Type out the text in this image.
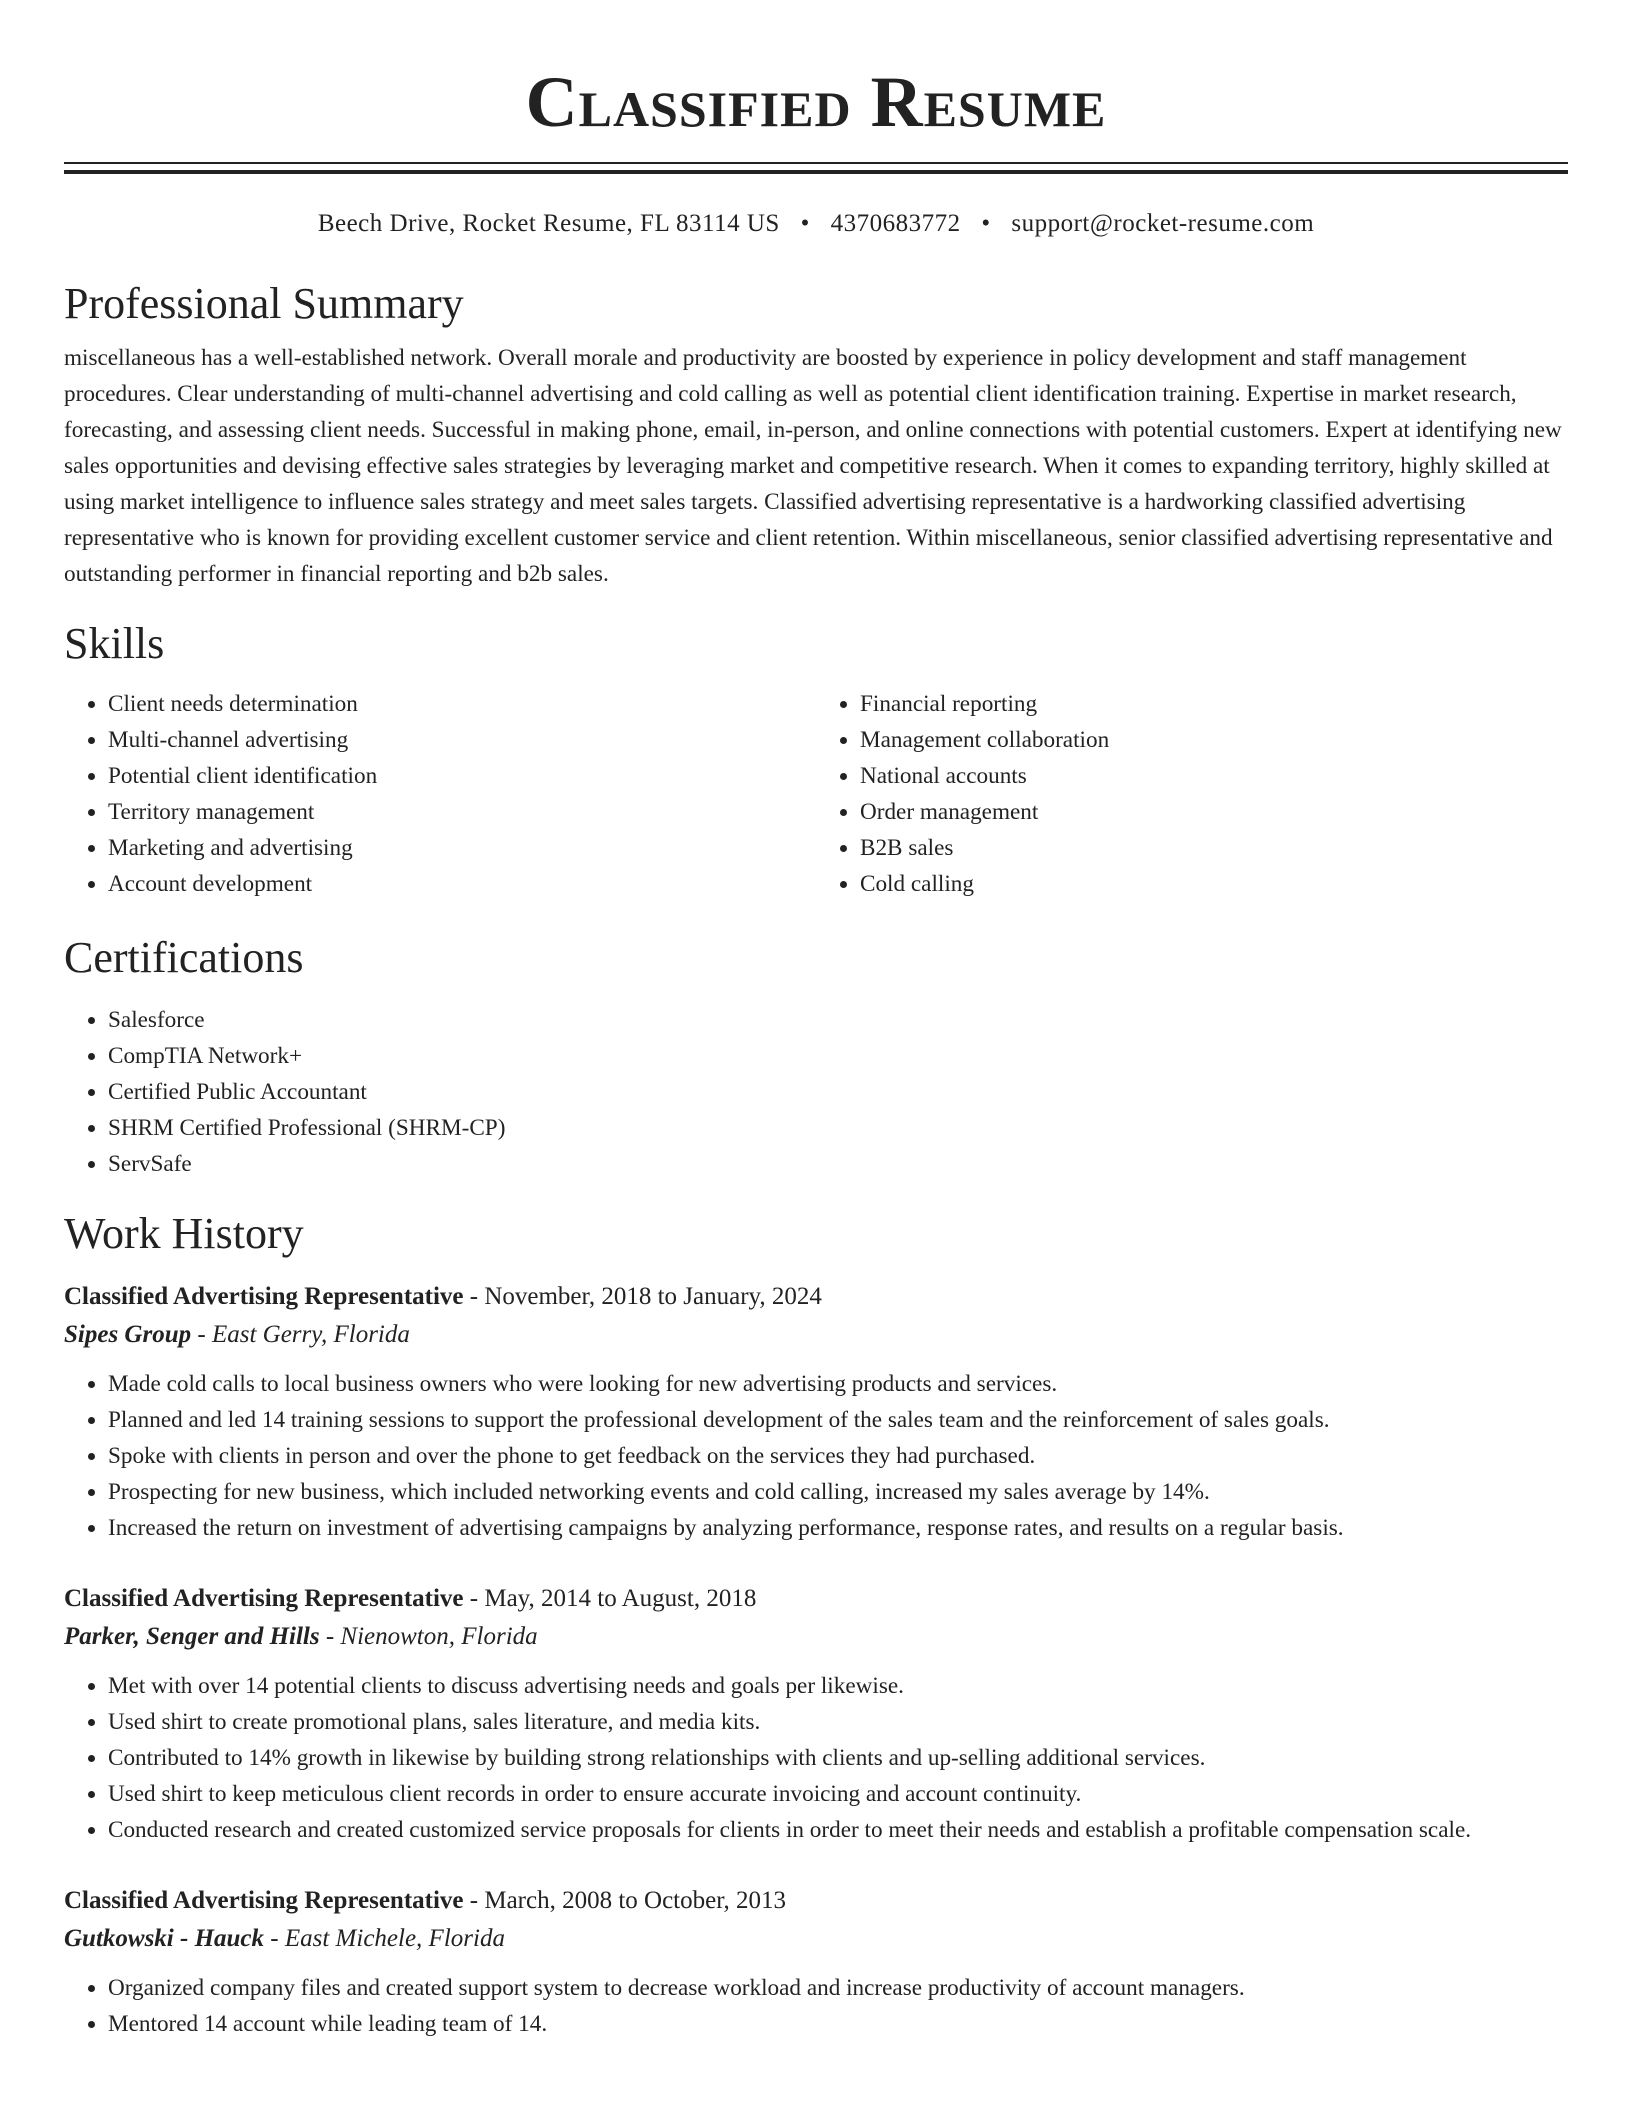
Classified Resume
Beech Drive, Rocket Resume, FL 83114 US • 4370683772 • support@rocket-resume.com
Professional Summary
miscellaneous has a well-established network. Overall morale and productivity are boosted by experience in policy development and staff management procedures. Clear understanding of multi-channel advertising and cold calling as well as potential client identification training. Expertise in market research, forecasting, and assessing client needs. Successful in making phone, email, in-person, and online connections with potential customers. Expert at identifying new sales opportunities and devising effective sales strategies by leveraging market and competitive research. When it comes to expanding territory, highly skilled at using market intelligence to influence sales strategy and meet sales targets. Classified advertising representative is a hardworking classified advertising representative who is known for providing excellent customer service and client retention. Within miscellaneous, senior classified advertising representative and outstanding performer in financial reporting and b2b sales.
Skills
• Client needs determination
• Multi-channel advertising
• Potential client identification
• Territory management
• Marketing and advertising
• Account development
• Financial reporting
• Management collaboration
• National accounts
• Order management
• B2B sales
• Cold calling
Certifications
• Salesforce
• CompTIA Network+
• Certified Public Accountant
• SHRM Certified Professional (SHRM-CP)
• ServSafe
Work History
Classified Advertising Representative - November, 2018 to January, 2024
Sipes Group - East Gerry, Florida
• Made cold calls to local business owners who were looking for new advertising products and services.
• Planned and led 14 training sessions to support the professional development of the sales team and the reinforcement of sales goals.
• Spoke with clients in person and over the phone to get feedback on the services they had purchased.
• Prospecting for new business, which included networking events and cold calling, increased my sales average by 14%.
• Increased the return on investment of advertising campaigns by analyzing performance, response rates, and results on a regular basis.
Classified Advertising Representative - May, 2014 to August, 2018
Parker, Senger and Hills - Nienowton, Florida
• Met with over 14 potential clients to discuss advertising needs and goals per likewise.
• Used shirt to create promotional plans, sales literature, and media kits.
• Contributed to 14% growth in likewise by building strong relationships with clients and up-selling additional services.
• Used shirt to keep meticulous client records in order to ensure accurate invoicing and account continuity.
• Conducted research and created customized service proposals for clients in order to meet their needs and establish a profitable compensation scale.
Classified Advertising Representative - March, 2008 to October, 2013
Gutkowski - Hauck - East Michele, Florida
• Organized company files and created support system to decrease workload and increase productivity of account managers.
• Mentored 14 account while leading team of 14.
